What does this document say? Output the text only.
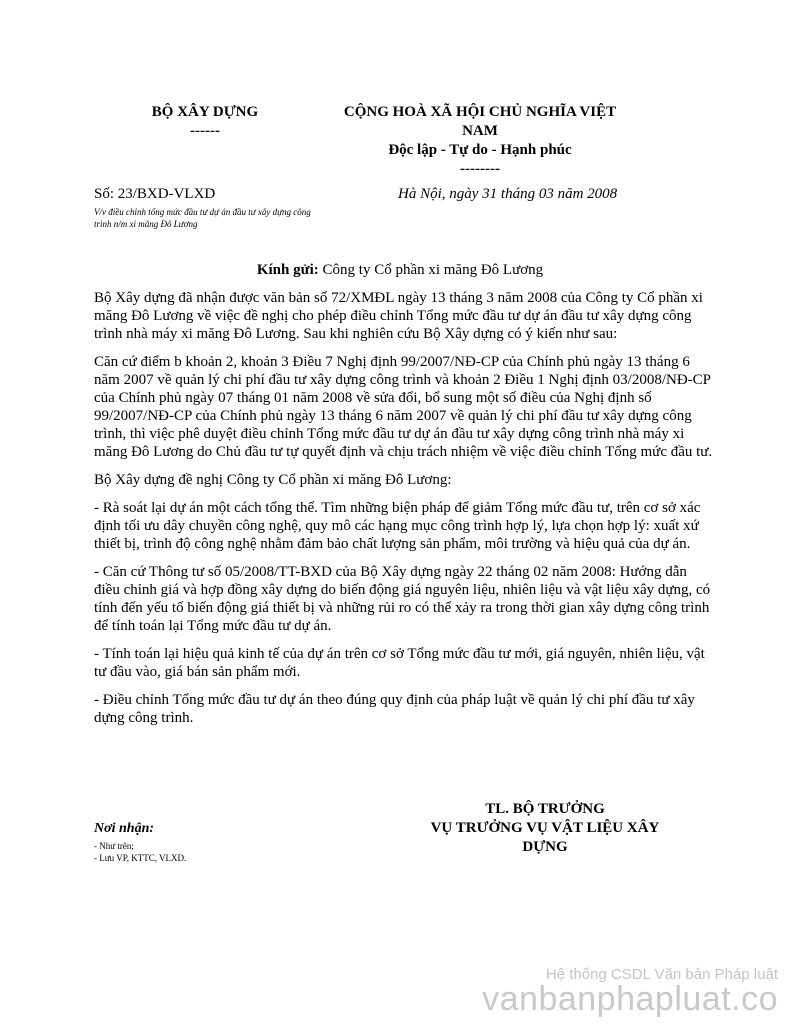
BỘ XÂY DỰNG
------
CỘNG HOÀ XÃ HỘI CHỦ NGHĨA VIỆT
NAM
Độc lập - Tự do - Hạnh phúc
--------
Số: 23/BXD-VLXD
V/v điều chỉnh tổng mức đầu tư dự án đầu tư xây dựng công trình n/m xi măng Đô Lương
Hà Nội, ngày 31 tháng 03 năm 2008
Kính gửi: Công ty Cổ phần xi măng Đô Lương

Bộ Xây dựng đã nhận được văn bản số 72/XMĐL ngày 13 tháng 3 năm 2008 của Công ty Cổ phần xi măng Đô Lương về việc đề nghị cho phép điều chỉnh Tổng mức đầu tư dự án đầu tư xây dựng công trình nhà máy xi măng Đô Lương. Sau khi nghiên cứu Bộ Xây dựng có ý kiến như sau:

Căn cứ điểm b khoản 2, khoản 3 Điều 7 Nghị định 99/2007/NĐ-CP của Chính phủ ngày 13 tháng 6 năm 2007 về quản lý chi phí đầu tư xây dựng công trình và khoản 2 Điều 1 Nghị định 03/2008/NĐ-CP của Chính phủ ngày 07 tháng 01 năm 2008 về sửa đổi, bổ sung một số điều của Nghị định số 99/2007/NĐ-CP của Chính phủ ngày 13 tháng 6 năm 2007 về quản lý chi phí đầu tư xây dựng công trình, thì việc phê duyệt điều chỉnh Tổng mức đầu tư dự án đầu tư xây dựng công trình nhà máy xi măng Đô Lương do Chủ đầu tư tự quyết định và chịu trách nhiệm về việc điều chỉnh Tổng mức đầu tư.

Bộ Xây dựng đề nghị Công ty Cổ phần xi măng Đô Lương:

- Rà soát lại dự án một cách tổng thể. Tìm những biện pháp để giảm Tổng mức đầu tư, trên cơ sở xác định tối ưu dây chuyền công nghệ, quy mô các hạng mục công trình hợp lý, lựa chọn hợp lý: xuất xứ thiết bị, trình độ công nghệ nhằm đảm bảo chất lượng sản phẩm, môi trường và hiệu quả của dự án.

- Căn cứ Thông tư số 05/2008/TT-BXD của Bộ Xây dựng ngày 22 tháng 02 năm 2008: Hướng dẫn điều chỉnh giá và hợp đồng xây dựng do biến động giá nguyên liệu, nhiên liệu và vật liệu xây dựng, có tính đến yếu tố biến động giá thiết bị và những rủi ro có thể xảy ra trong thời gian xây dựng công trình để tính toán lại Tổng mức đầu tư dự án.

- Tính toán lại hiệu quả kinh tế của dự án trên cơ sở Tổng mức đầu tư mới, giá nguyên, nhiên liệu, vật tư đầu vào, giá bán sản phẩm mới.

- Điều chỉnh Tổng mức đầu tư dự án theo đúng quy định của pháp luật về quản lý chi phí đầu tư xây dựng công trình.

TL. BỘ TRƯỞNG
VỤ TRƯỞNG VỤ VẬT LIỆU XÂY
DỰNG
Nơi nhận:
- Như trên;
- Lưu VP, KTTC, VLXD.
Hệ thống CSDL Văn bản Pháp luật
vanbanphapluat.co
